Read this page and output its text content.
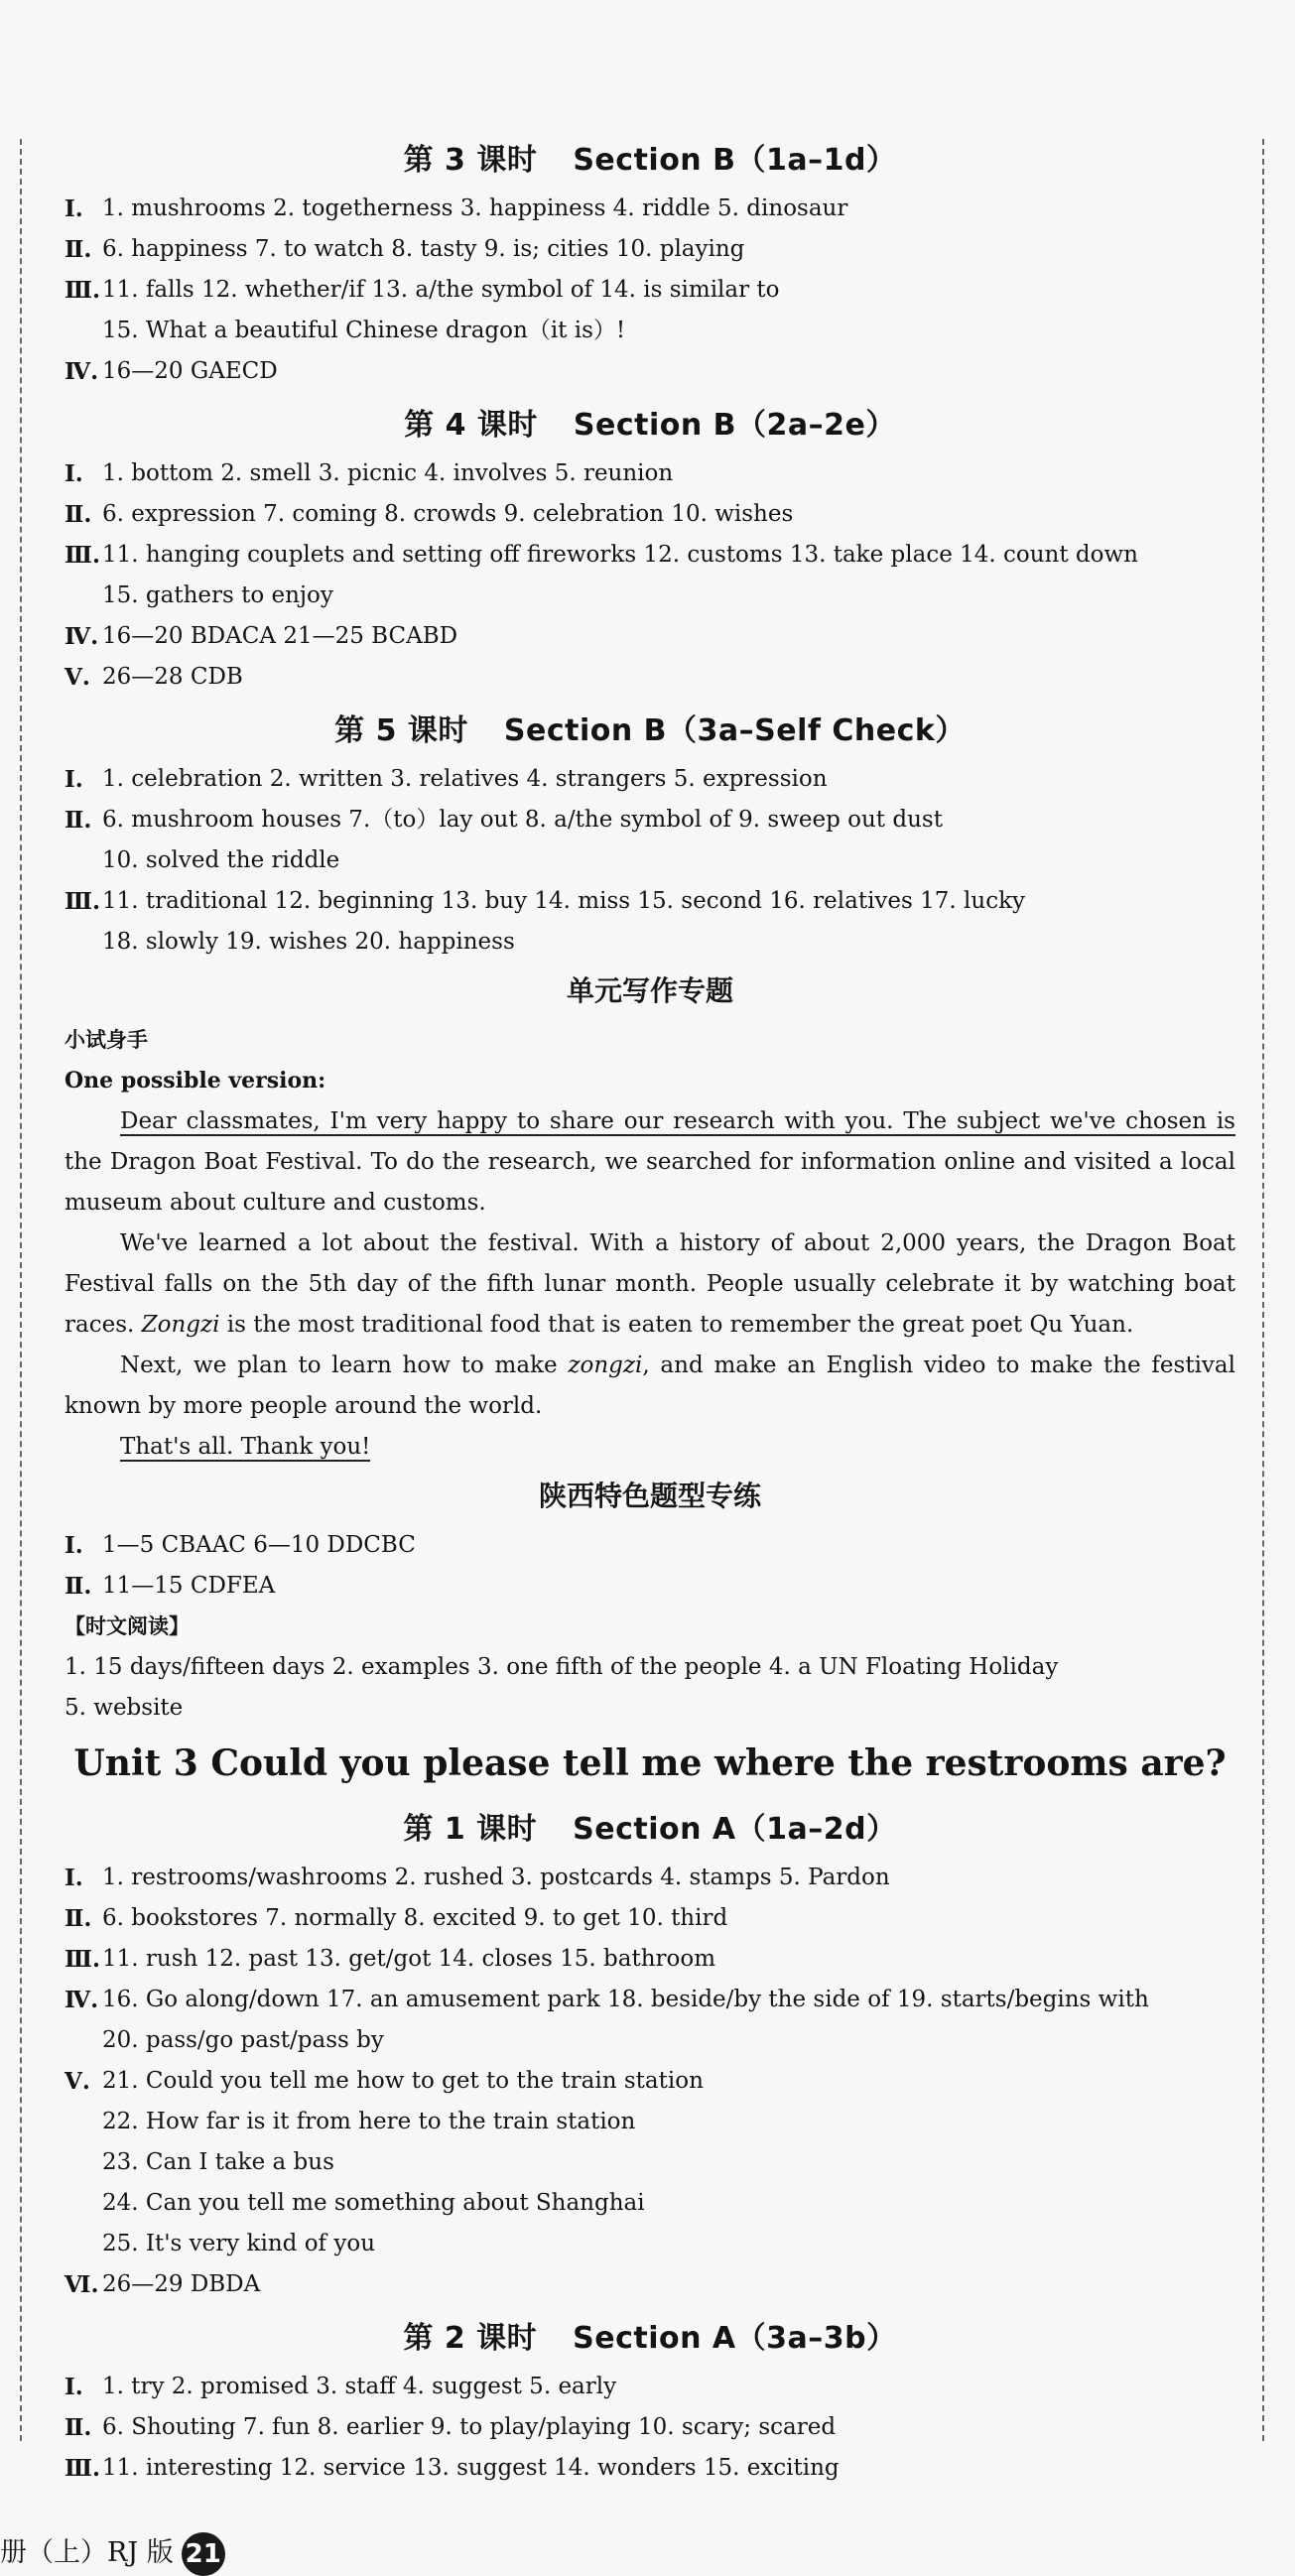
第 3 课时 Section B（1a–1d）
Ⅰ. 1. mushrooms 2. togetherness 3. happiness 4. riddle 5. dinosaur
Ⅱ. 6. happiness 7. to watch 8. tasty 9. is; cities 10. playing
Ⅲ. 11. falls 12. whether/if 13. a/the symbol of 14. is similar to
15. What a beautiful Chinese dragon（it is）!
Ⅳ. 16—20 GAECD
第 4 课时 Section B（2a–2e）
Ⅰ. 1. bottom 2. smell 3. picnic 4. involves 5. reunion
Ⅱ. 6. expression 7. coming 8. crowds 9. celebration 10. wishes
Ⅲ. 11. hanging couplets and setting off fireworks 12. customs 13. take place 14. count down
15. gathers to enjoy
Ⅳ. 16—20 BDACA 21—25 BCABD
Ⅴ. 26—28 CDB
第 5 课时 Section B（3a–Self Check）
Ⅰ. 1. celebration 2. written 3. relatives 4. strangers 5. expression
Ⅱ. 6. mushroom houses 7.（to）lay out 8. a/the symbol of 9. sweep out dust
10. solved the riddle
Ⅲ. 11. traditional 12. beginning 13. buy 14. miss 15. second 16. relatives 17. lucky
18. slowly 19. wishes 20. happiness
单元写作专题
小试身手
One possible version:
Dear classmates, I'm very happy to share our research with you. The subject we've chosen is the Dragon Boat Festival. To do the research, we searched for information online and visited a local museum about culture and customs.
We've learned a lot about the festival. With a history of about 2,000 years, the Dragon Boat Festival falls on the 5th day of the fifth lunar month. People usually celebrate it by watching boat races. Zongzi is the most traditional food that is eaten to remember the great poet Qu Yuan.
Next, we plan to learn how to make zongzi, and make an English video to make the festival known by more people around the world.
That's all. Thank you!
陕西特色题型专练
Ⅰ. 1—5 CBAAC 6—10 DDCBC
Ⅱ. 11—15 CDFEA
【时文阅读】
1. 15 days/fifteen days 2. examples 3. one fifth of the people 4. a UN Floating Holiday
5. website
Unit 3 Could you please tell me where the restrooms are?
第 1 课时 Section A（1a–2d）
Ⅰ. 1. restrooms/washrooms 2. rushed 3. postcards 4. stamps 5. Pardon
Ⅱ. 6. bookstores 7. normally 8. excited 9. to get 10. third
Ⅲ. 11. rush 12. past 13. get/got 14. closes 15. bathroom
Ⅳ. 16. Go along/down 17. an amusement park 18. beside/by the side of 19. starts/begins with
20. pass/go past/pass by
Ⅴ. 21. Could you tell me how to get to the train station
22. How far is it from here to the train station
23. Can I take a bus
24. Can you tell me something about Shanghai
25. It's very kind of you
Ⅵ. 26—29 DBDA
第 2 课时 Section A（3a–3b）
Ⅰ. 1. try 2. promised 3. staff 4. suggest 5. early
Ⅱ. 6. Shouting 7. fun 8. earlier 9. to play/playing 10. scary; scared
Ⅲ. 11. interesting 12. service 13. suggest 14. wonders 15. exciting
册（上）RJ 版 21
